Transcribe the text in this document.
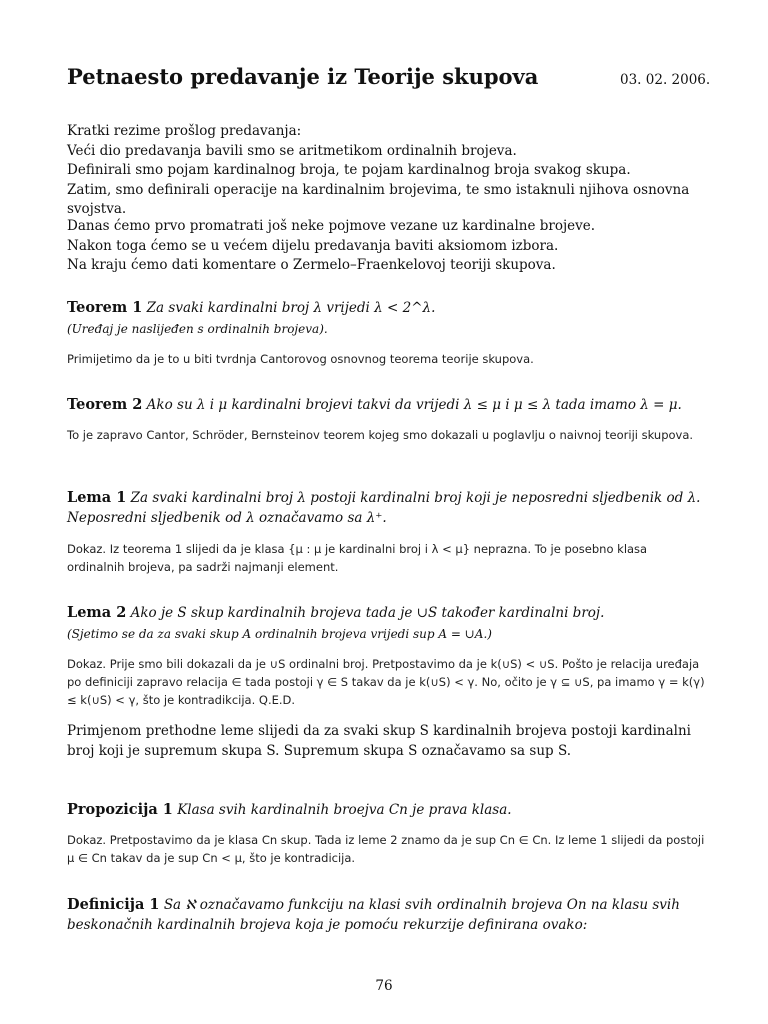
Petnaesto predavanje iz Teorije skupova	03. 02. 2006.

Kratki rezime prošlog predavanja:
Veći dio predavanja bavili smo se aritmetikom ordinalnih brojeva.
Definirali smo pojam kardinalnog broja, te pojam kardinalnog broja svakog skupa.
Zatim, smo definirali operacije na kardinalnim brojevima, te smo istaknuli njihova osnovna svojstva.

Danas ćemo prvo promatrati još neke pojmove vezane uz kardinalne brojeve.
Nakon toga ćemo se u većem dijelu predavanja baviti aksiomom izbora.
Na kraju ćemo dati komentare o Zermelo–Fraenkelovoj teoriji skupova.

Teorem 1 Za svaki kardinalni broj λ vrijedi λ < 2^λ.
(Uređaj je naslijeđen s ordinalnih brojeva).

Primijetimo da je to u biti tvrdnja Cantorovog osnovnog teorema teorije skupova.

Teorem 2 Ako su λ i μ kardinalni brojevi takvi da vrijedi λ ≤ μ i μ ≤ λ tada imamo λ = μ.

To je zapravo Cantor, Schröder, Bernsteinov teorem kojeg smo dokazali u poglavlju o naivnoj teoriji skupova.

Lema 1 Za svaki kardinalni broj λ postoji kardinalni broj koji je neposredni sljedbenik od λ. Neposredni sljedbenik od λ označavamo sa λ⁺.

Dokaz. Iz teorema 1 slijedi da je klasa {μ : μ je kardinalni broj i λ < μ} neprazna. To je posebno klasa ordinalnih brojeva, pa sadrži najmanji element.

Lema 2 Ako je S skup kardinalnih brojeva tada je ∪S također kardinalni broj.
(Sjetimo se da za svaki skup A ordinalnih brojeva vrijedi sup A = ∪A.)

Dokaz. Prije smo bili dokazali da je ∪S ordinalni broj. Pretpostavimo da je k(∪S) < ∪S. Pošto je relacija uređaja po definiciji zapravo relacija ∈ tada postoji γ ∈ S takav da je k(∪S) < γ. No, očito je γ ⊆ ∪S, pa imamo γ = k(γ) ≤ k(∪S) < γ, što je kontradikcija. Q.E.D.

Primjenom prethodne leme slijedi da za svaki skup S kardinalnih brojeva postoji kardinalni broj koji je supremum skupa S. Supremum skupa S označavamo sa sup S.

Propozicija 1 Klasa svih kardinalnih broejva Cn je prava klasa.

Dokaz. Pretpostavimo da je klasa Cn skup. Tada iz leme 2 znamo da je sup Cn ∈ Cn. Iz leme 1 slijedi da postoji μ ∈ Cn takav da je sup Cn < μ, što je kontradicija.

Definicija 1 Sa ℵ označavamo funkciju na klasi svih ordinalnih brojeva On na klasu svih beskonačnih kardinalnih brojeva koja je pomoću rekurzije definirana ovako:
76
